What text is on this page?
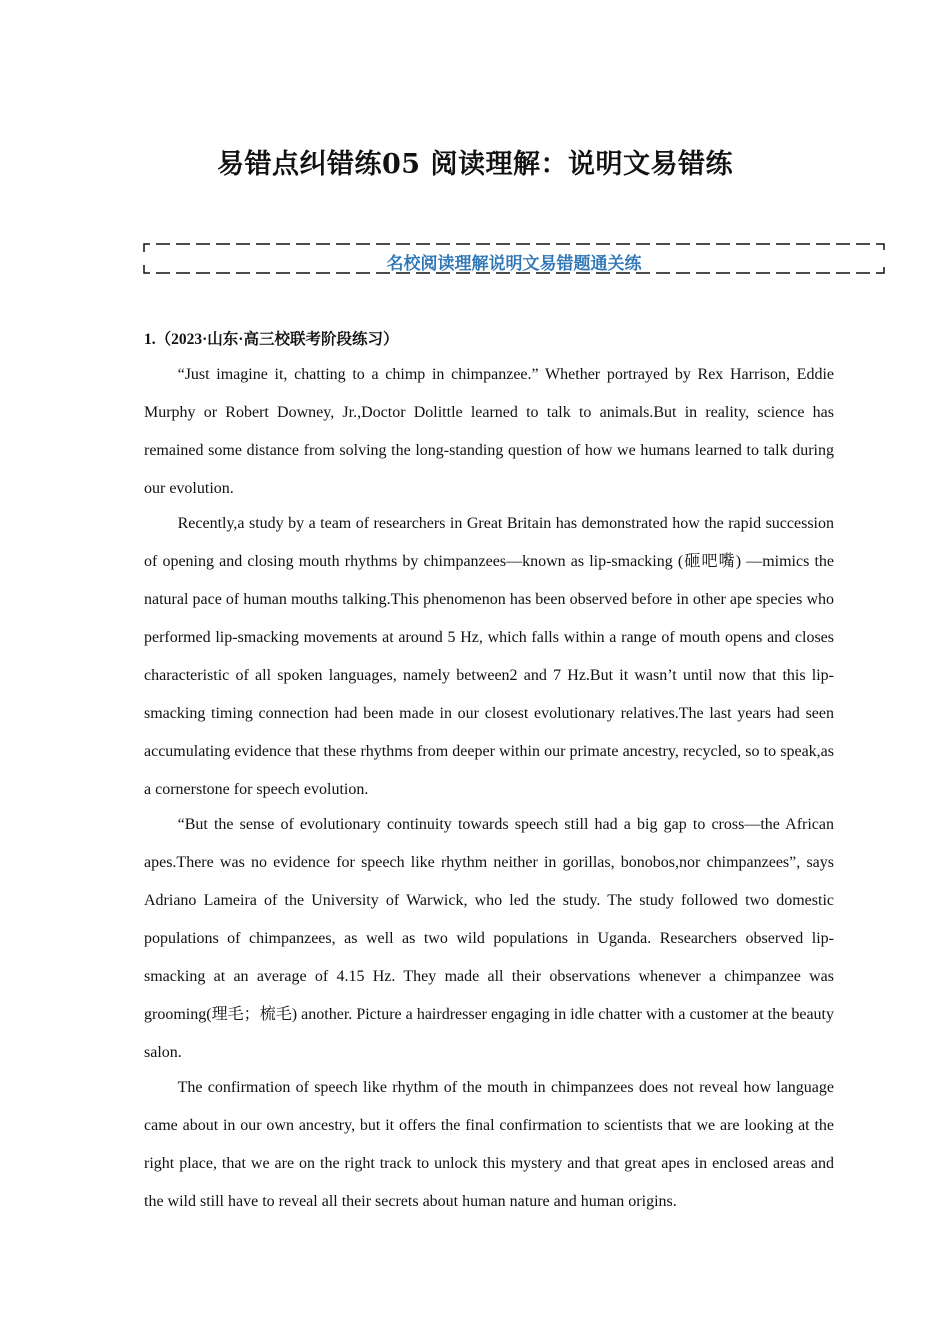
易错点纠错练05 阅读理解：说明文易错练
名校阅读理解说明文易错题通关练
1.（2023·山东·高三校联考阶段练习）

“Just imagine it, chatting to a chimp in chimpanzee.” Whether portrayed by Rex Harrison, Eddie Murphy or Robert Downey, Jr.,Doctor Dolittle learned to talk to animals.But in reality, science has remained some distance from solving the long-standing question of how we humans learned to talk during our evolution.

Recently,a study by a team of researchers in Great Britain has demonstrated how the rapid succession of opening and closing mouth rhythms by chimpanzees—known as lip-smacking (砸吧嘴) —mimics the natural pace of human mouths talking.This phenomenon has been observed before in other ape species who performed lip-smacking movements at around 5 Hz, which falls within a range of mouth opens and closes characteristic of all spoken languages, namely between2 and 7 Hz.But it wasn’t until now that this lip-smacking timing connection had been made in our closest evolutionary relatives.The last years had seen accumulating evidence that these rhythms from deeper within our primate ancestry, recycled, so to speak,as a cornerstone for speech evolution.

“But the sense of evolutionary continuity towards speech still had a big gap to cross—the African apes.There was no evidence for speech like rhythm neither in gorillas, bonobos,nor chimpanzees”, says Adriano Lameira of the University of Warwick, who led the study. The study followed two domestic populations of chimpanzees, as well as two wild populations in Uganda. Researchers observed lip-smacking at an average of 4.15 Hz. They made all their observations whenever a chimpanzee was grooming(理毛；梳毛) another. Picture a hairdresser engaging in idle chatter with a customer at the beauty salon.

The confirmation of speech like rhythm of the mouth in chimpanzees does not reveal how language came about in our own ancestry, but it offers the final confirmation to scientists that we are looking at the right place, that we are on the right track to unlock this mystery and that great apes in enclosed areas and the wild still have to reveal all their secrets about human nature and human origins.
